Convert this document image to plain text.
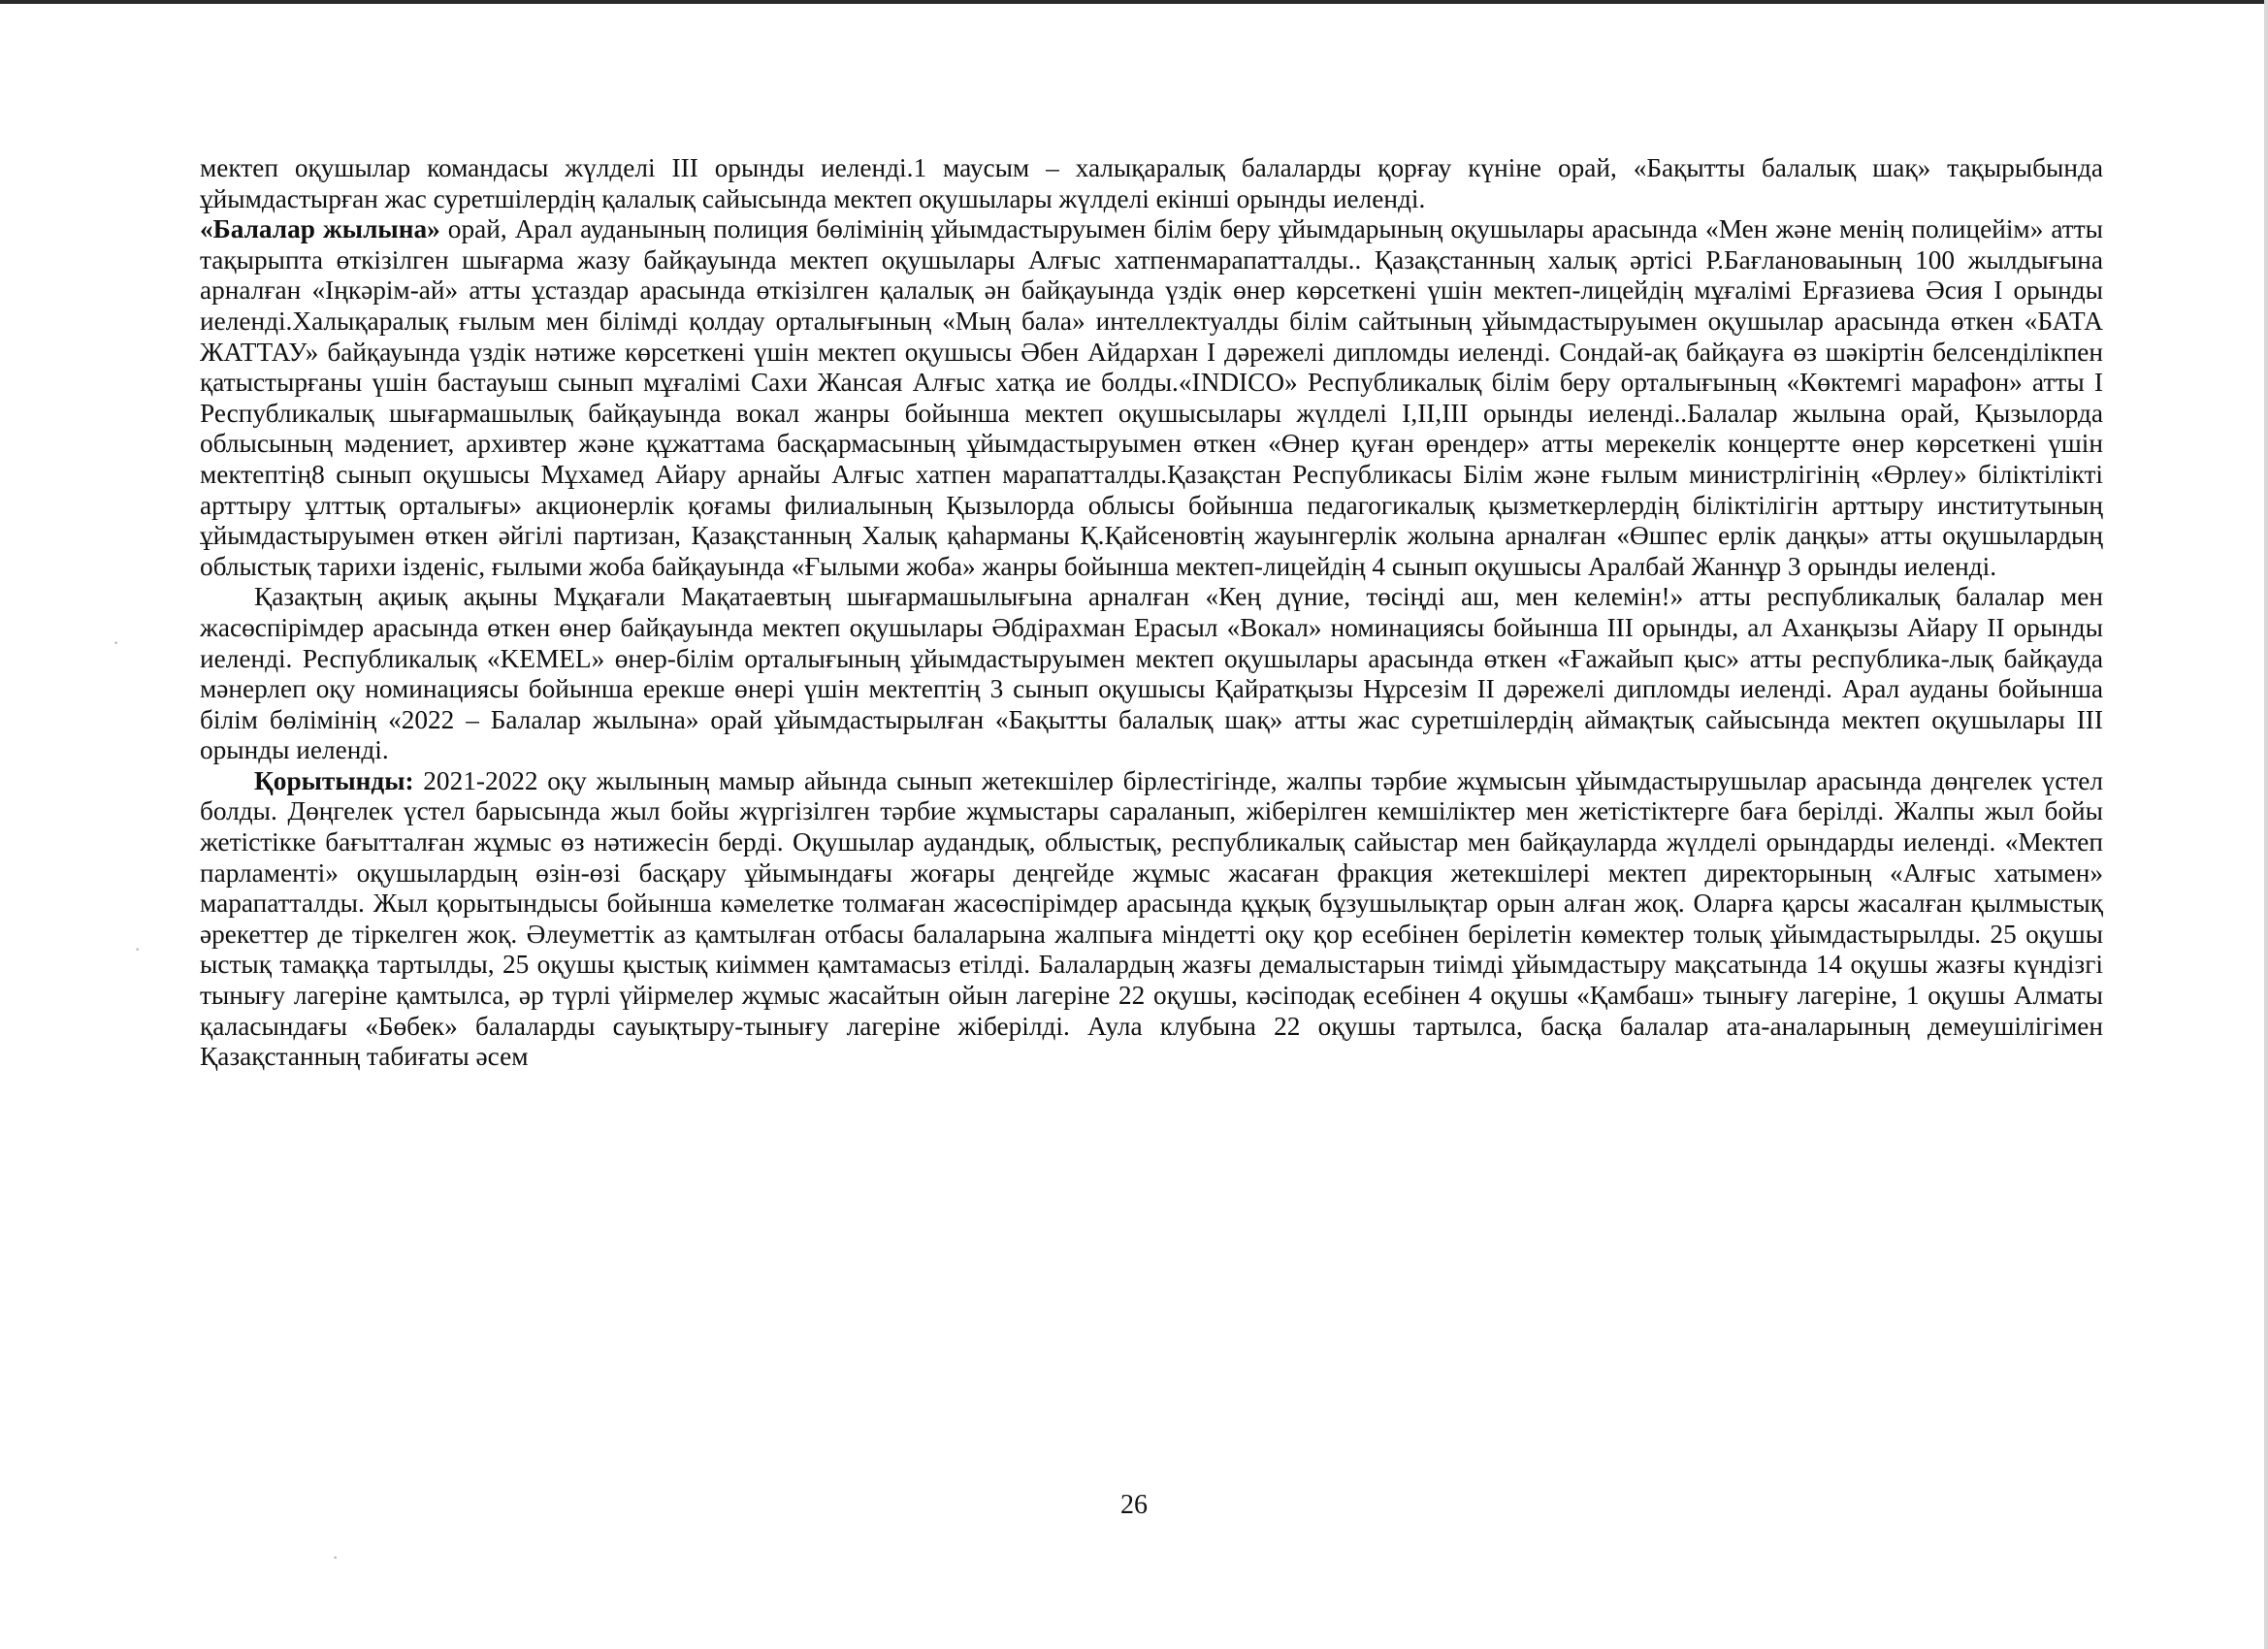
·
·
·

мектеп оқушылар командасы жүлделі ІІІ орынды иеленді.1 маусым – халықаралық балаларды қорғау күніне орай, «Бақытты балалық шақ» тақырыбында ұйымдастырған жас суретшілердің қалалық сайысында мектеп оқушылары жүлделі екінші орынды иеленді.

«Балалар жылына» орай, Арал ауданының полиция бөлімінің ұйымдастыруымен білім беру ұйымдарының оқушылары арасында «Мен және менің полицейім» атты тақырыпта өткізілген шығарма жазу байқауында мектеп оқушылары Алғыс хатпенмарапатталды.. Қазақстанның халық әртісі Р.Бағлановаының 100 жылдығына арналған «Іңкәрім-ай» атты ұстаздар арасында өткізілген қалалық ән байқауында үздік өнер көрсеткені үшін мектеп-лицейдің мұғалімі Ерғазиева Әсия І орынды иеленді.Халықаралық ғылым мен білімді қолдау орталығының «Мың бала» интеллектуалды білім сайтының ұйымдастыруымен оқушылар арасында өткен «БАТА ЖАТТАУ» байқауында үздік нәтиже көрсеткені үшін мектеп оқушысы Әбен Айдархан І дәрежелі дипломды иеленді. Сондай-ақ байқауға өз шәкіртін белсенділікпен қатыстырғаны үшін бастауыш сынып мұғалімі Сахи Жансая Алғыс хатқа ие болды.«INDICO» Республикалық білім беру орталығының «Көктемгі марафон» атты І Республикалық шығармашылық байқауында вокал жанры бойынша мектеп оқушысылары жүлделі І,ІІ,ІІІ орынды иеленді..Балалар жылына орай, Қызылорда облысының мәдениет, архивтер және құжаттама басқармасының ұйымдастыруымен өткен «Өнер қуған өрендер» атты мерекелік концертте өнер көрсеткені үшін мектептің8 сынып оқушысы Мұхамед Айару арнайы Алғыс хатпен марапатталды.Қазақстан Республикасы Білім және ғылым министрлігінің «Өрлеу» біліктілікті арттыру ұлттық орталығы» акционерлік қоғамы филиалының Қызылорда облысы бойынша педагогикалық қызметкерлердің біліктілігін арттыру институтының ұйымдастыруымен өткен әйгілі партизан, Қазақстанның Халық қаһарманы Қ.Қайсеновтің жауынгерлік жолына арналған «Өшпес ерлік даңқы» атты оқушылардың облыстық тарихи ізденіс, ғылыми жоба байқауында «Ғылыми жоба» жанры бойынша мектеп-лицейдің 4 сынып оқушысы Аралбай Жаннұр 3 орынды иеленді.

Қазақтың ақиық ақыны Мұқағали Мақатаевтың шығармашылығына арналған «Кең дүние, төсіңді аш, мен келемін!» атты республикалық балалар мен жасөспірімдер арасында өткен өнер байқауында мектеп оқушылары Әбдірахман Ерасыл «Вокал» номинациясы бойынша ІІІ орынды, ал Аханқызы Айару ІІ орынды иеленді. Республикалық «KEMEL» өнер-білім орталығының ұйымдастыруымен мектеп оқушылары арасында өткен «Ғажайып қыс» атты республика-лық байқауда мәнерлеп оқу номинациясы бойынша ерекше өнері үшін мектептің 3 сынып оқушысы Қайратқызы Нұрсезім ІІ дәрежелі дипломды иеленді. Арал ауданы бойынша білім бөлімінің «2022 – Балалар жылына» орай ұйымдастырылған «Бақытты балалық шақ» атты жас суретшілердің аймақтық сайысында мектеп оқушылары ІІІ орынды иеленді.

Қорытынды: 2021-2022 оқу жылының мамыр айында сынып жетекшілер бірлестігінде, жалпы тәрбие жұмысын ұйымдастырушылар арасында дөңгелек үстел болды. Дөңгелек үстел барысында жыл бойы жүргізілген тәрбие жұмыстары сараланып, жіберілген кемшіліктер мен жетістіктерге баға берілді. Жалпы жыл бойы жетістікке бағытталған жұмыс өз нәтижесін берді. Оқушылар аудандық, облыстық, республикалық сайыстар мен байқауларда жүлделі орындарды иеленді. «Мектеп парламенті» оқушылардың өзін-өзі басқару ұйымындағы жоғары деңгейде жұмыс жасаған фракция жетекшілері мектеп директорының «Алғыс хатымен» марапатталды. Жыл қорытындысы бойынша кәмелетке толмаған жасөспірімдер арасында құқық бұзушылықтар орын алған жоқ. Оларға қарсы жасалған қылмыстық әрекеттер де тіркелген жоқ. Әлеуметтік аз қамтылған отбасы балаларына жалпыға міндетті оқу қор есебінен берілетін көмектер толық ұйымдастырылды. 25 оқушы ыстық тамаққа тартылды, 25 оқушы қыстық киіммен қамтамасыз етілді. Балалардың жазғы демалыстарын тиімді ұйымдастыру мақсатында 14 оқушы жазғы күндізгі тынығу лагеріне қамтылса, әр түрлі үйірмелер жұмыс жасайтын ойын лагеріне 22 оқушы, кәсіподақ есебінен 4 оқушы «Қамбаш» тынығу лагеріне, 1 оқушы Алматы қаласындағы «Бөбек» балаларды сауықтыру-тынығу лагеріне жіберілді. Аула клубына 22 оқушы тартылса, басқа балалар ата-аналарының демеушілігімен Қазақстанның табиғаты әсем

26
